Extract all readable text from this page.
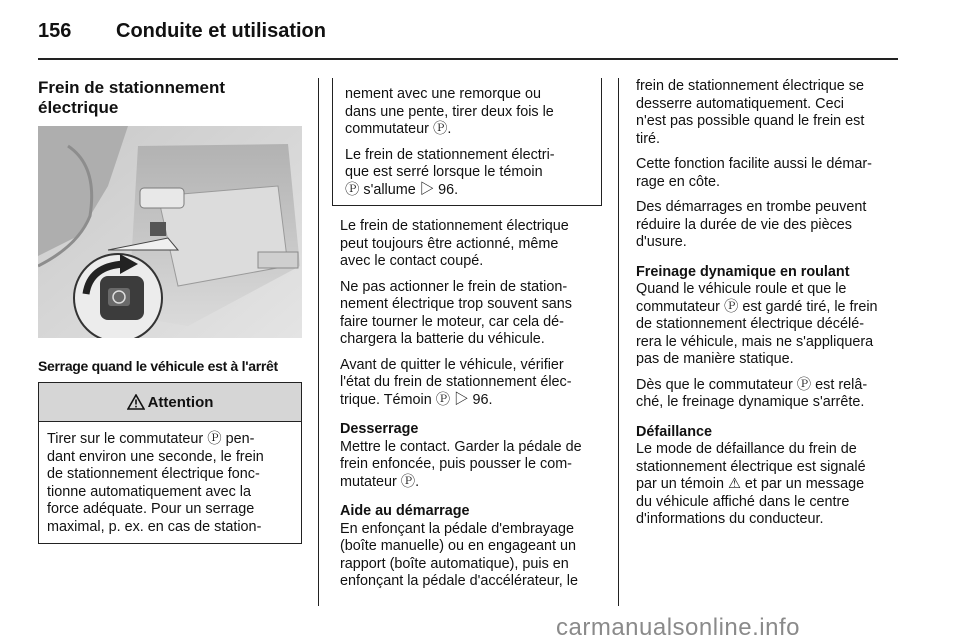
156 Conduite et utilisation
Frein de stationnement électrique
Serrage quand le véhicule est à l'arrêt
Attention
Tirer sur le commutateur Ⓟ pen-
dant environ une seconde, le frein
de stationnement électrique fonc-
tionne automatiquement avec la
force adéquate. Pour un serrage
maximal, p. ex. en cas de station-

nement avec une remorque ou
dans une pente, tirer deux fois le
commutateur Ⓟ.

Le frein de stationnement électri-
que est serré lorsque le témoin
Ⓟ s'allume ▷ 96.

Le frein de stationnement électrique
peut toujours être actionné, même
avec le contact coupé.

Ne pas actionner le frein de station-
nement électrique trop souvent sans
faire tourner le moteur, car cela dé-
chargera la batterie du véhicule.

Avant de quitter le véhicule, vérifier
l'état du frein de stationnement élec-
trique. Témoin Ⓟ ▷ 96.

Desserrage

Mettre le contact. Garder la pédale de
frein enfoncée, puis pousser le com-
mutateur Ⓟ.

Aide au démarrage

En enfonçant la pédale d'embrayage
(boîte manuelle) ou en engageant un
rapport (boîte automatique), puis en
enfonçant la pédale d'accélérateur, le

frein de stationnement électrique se
desserre automatiquement. Ceci
n'est pas possible quand le frein est
tiré.

Cette fonction facilite aussi le démar-
rage en côte.

Des démarrages en trombe peuvent
réduire la durée de vie des pièces
d'usure.

Freinage dynamique en roulant

Quand le véhicule roule et que le
commutateur Ⓟ est gardé tiré, le frein
de stationnement électrique décélé-
rera le véhicule, mais ne s'appliquera
pas de manière statique.

Dès que le commutateur Ⓟ est relâ-
ché, le freinage dynamique s'arrête.

Défaillance

Le mode de défaillance du frein de
stationnement électrique est signalé
par un témoin ⚠ et par un message
du véhicule affiché dans le centre
d'informations du conducteur.

carmanualsonline.info
